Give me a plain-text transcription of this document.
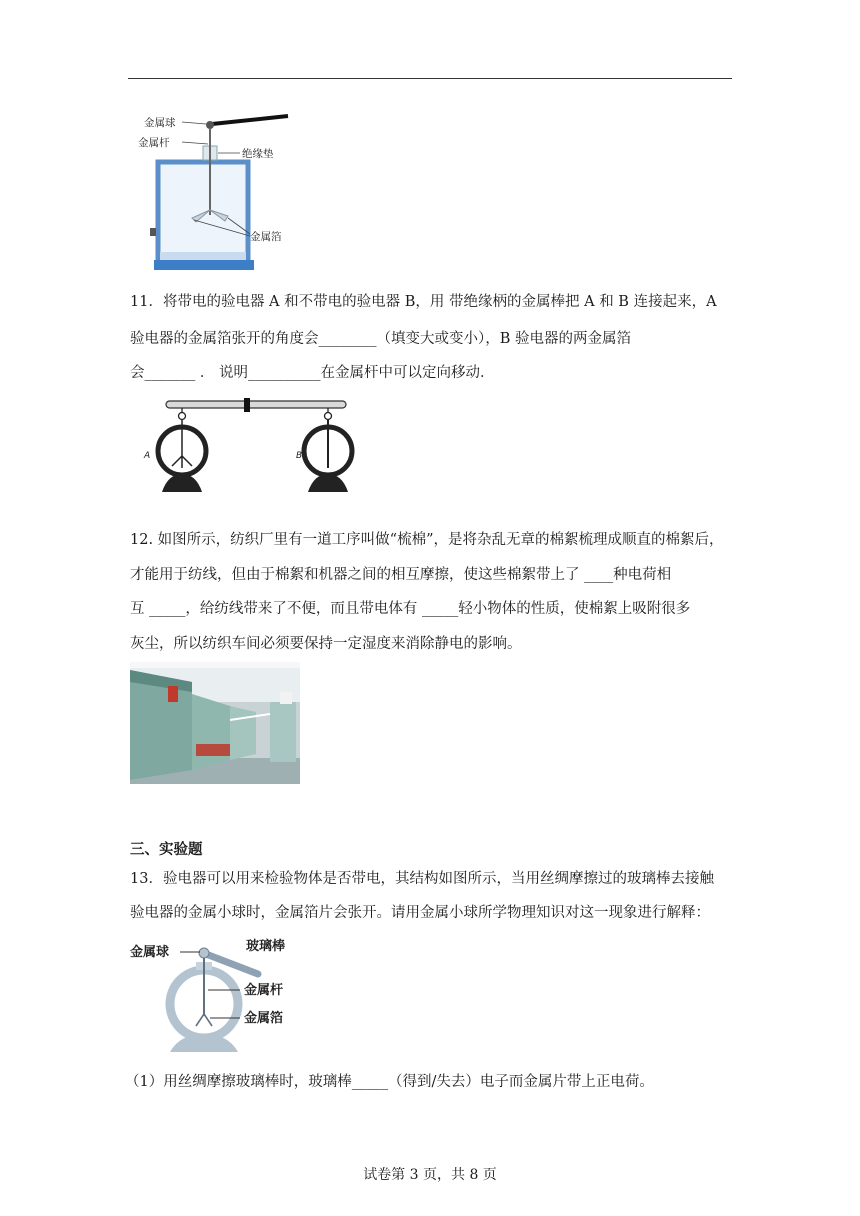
金属球
金属杆
绝缘垫
金属箔
11．将带电的验电器 A 和不带电的验电器 B，用 带绝缘柄的金属棒把 A 和 B 连接起来，A
验电器的金属箔张开的角度会________（填变大或变小），B 验电器的两金属箔
会_______ ． 说明__________在金属杆中可以定向移动．
A	B
12. 如图所示，纺织厂里有一道工序叫做“梳棉”，是将杂乱无章的棉絮梳理成顺直的棉絮后，
才能用于纺线，但由于棉絮和机器之间的相互摩擦，使这些棉絮带上了 ____种电荷相
互 _____，给纺线带来了不便，而且带电体有 _____轻小物体的性质，使棉絮上吸附很多
灰尘，所以纺织车间必须要保持一定湿度来消除静电的影响。
三、实验题
13．验电器可以用来检验物体是否带电，其结构如图所示，当用丝绸摩擦过的玻璃棒去接触
验电器的金属小球时，金属箔片会张开。请用金属小球所学物理知识对这一现象进行解释：
金属球	玻璃棒
金属杆
金属箔
（1）用丝绸摩擦玻璃棒时，玻璃棒_____（得到/失去）电子而金属片带上正电荷。
试卷第 3 页，共 8 页
